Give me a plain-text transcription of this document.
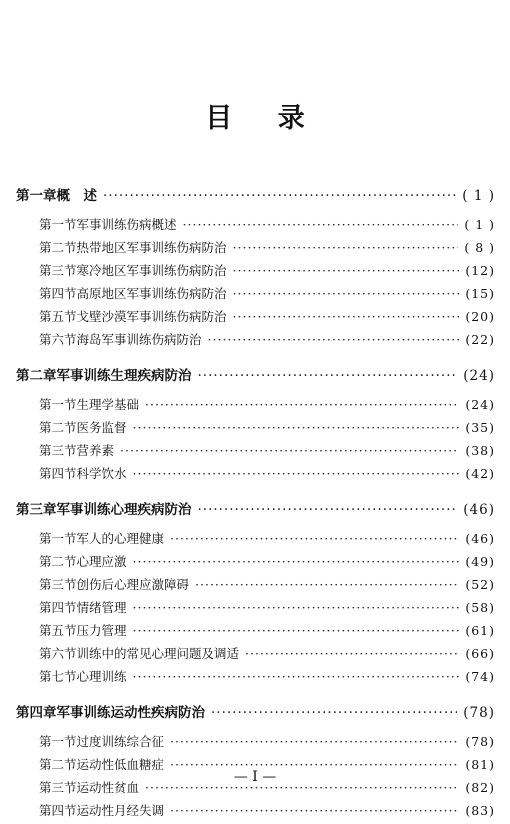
目 录
第一章 概　述 ·····	( 1 )
第一节 军事训练伤病概述 ·····	( 1 )
第二节 热带地区军事训练伤病防治 ·····	( 8 )
第三节 寒冷地区军事训练伤病防治 ·····	(12)
第四节 高原地区军事训练伤病防治 ·····	(15)
第五节 戈壁沙漠军事训练伤病防治 ·····	(20)
第六节 海岛军事训练伤病防治 ·····	(22)
第二章 军事训练生理疾病防治 ·····	(24)
第一节 生理学基础 ·····	(24)
第二节 医务监督 ·····	(35)
第三节 营养素 ·····	(38)
第四节 科学饮水 ·····	(42)
第三章 军事训练心理疾病防治 ·····	(46)
第一节 军人的心理健康 ·····	(46)
第二节 心理应激 ·····	(49)
第三节 创伤后心理应激障碍 ·····	(52)
第四节 情绪管理 ·····	(58)
第五节 压力管理 ·····	(61)
第六节 训练中的常见心理问题及调适 ·····	(66)
第七节 心理训练 ·····	(74)
第四章 军事训练运动性疾病防治 ·····	(78)
第一节 过度训练综合征 ·····	(78)
第二节 运动性低血糖症 ·····	(81)
第三节 运动性贫血 ·····	(82)
第四节 运动性月经失调 ·····	(83)
— I —
